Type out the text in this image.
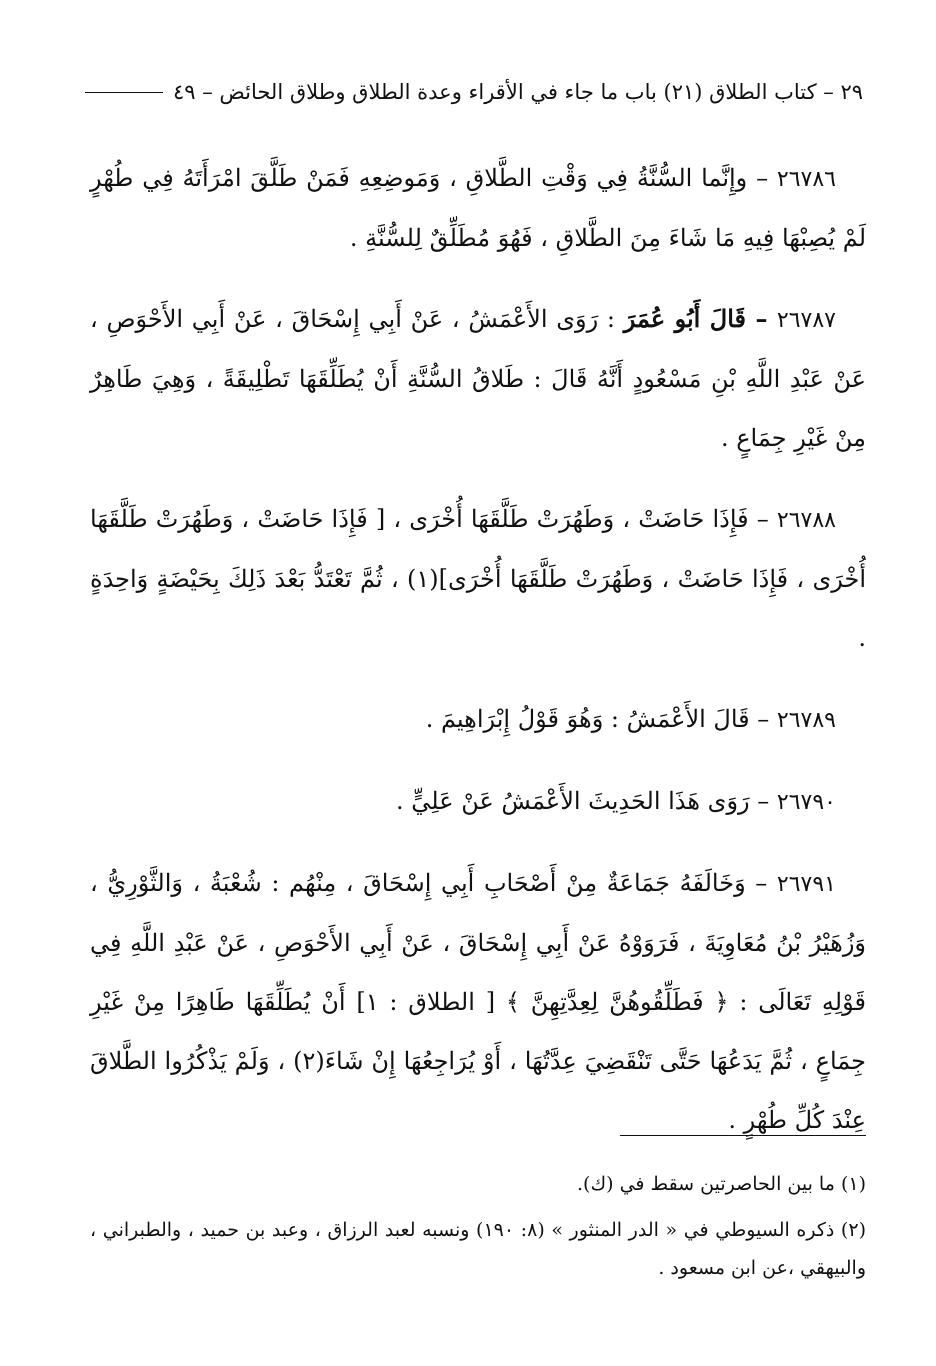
٢٩ – كتاب الطلاق (٢١) باب ما جاء في الأقراء وعدة الطلاق وطلاق الحائض – ٤٩

٢٦٧٨٦ – وإِنَّما السُّنَّةُ فِي وَقْتِ الطَّلاقِ ، وَمَوضِعِهِ فَمَنْ طَلَّقَ امْرَأَتَهُ فِي طُهْرٍ لَمْ يُصِبْهَا فِيهِ مَا شَاءَ مِنَ الطَّلاقِ ، فَهُوَ مُطَلِّقٌ لِلسُّنَّةِ .

٢٦٧٨٧ – قَالَ أَبُو عُمَرَ : رَوَى الأَعْمَشُ ، عَنْ أَبِي إِسْحَاقَ ، عَنْ أَبِي الأَحْوَصِ ، عَنْ عَبْدِ اللَّهِ بْنِ مَسْعُودٍ أَنَّهُ قَالَ : طَلاقُ السُّنَّةِ أَنْ يُطَلِّقَهَا تَطْلِيقَةً ، وَهِيَ طَاهِرٌ مِنْ غَيْرِ جِمَاعٍ .

٢٦٧٨٨ – فَإِذَا حَاضَتْ ، وَطَهُرَتْ طَلَّقَهَا أُخْرَى ، [ فَإِذَا حَاضَتْ ، وَطَهُرَتْ طَلَّقَهَا أُخْرَى ، فَإِذَا حَاضَتْ ، وَطَهُرَتْ طَلَّقَهَا أُخْرَى](١) ، ثُمَّ تَعْتَدُّ بَعْدَ ذَلِكَ بِحَيْضَةٍ وَاحِدَةٍ .

٢٦٧٨٩ – قَالَ الأَعْمَشُ : وَهُوَ قَوْلُ إِبْرَاهِيمَ .

٢٦٧٩٠ – رَوَى هَذَا الحَدِيثَ الأَعْمَشُ عَنْ عَلِيٍّ .

٢٦٧٩١ – وَخَالَفَهُ جَمَاعَةٌ مِنْ أَصْحَابِ أَبِي إِسْحَاقَ ، مِنْهُم : شُعْبَةُ ، وَالثَّوْرِيُّ ، وَزُهَيْرُ بْنُ مُعَاوِيَةَ ، فَرَوَوْهُ عَنْ أَبِي إِسْحَاقَ ، عَنْ أَبِي الأَحْوَصِ ، عَنْ عَبْدِ اللَّهِ فِي قَوْلِهِ تَعَالَى : ﴿ فَطَلِّقُوهُنَّ لِعِدَّتِهِنَّ ﴾ [ الطلاق : ١] أَنْ يُطَلِّقَهَا طَاهِرًا مِنْ غَيْرِ جِمَاعٍ ، ثُمَّ يَدَعُهَا حَتَّى تَنْقَضِيَ عِدَّتُهَا ، أَوْ يُرَاجِعُهَا إِنْ شَاءَ(٢) ، وَلَمْ يَذْكُرُوا الطَّلاقَ عِنْدَ كُلِّ طُهْرٍ .

(١) ما بين الحاصرتين سقط في (ك).

(٢) ذكره السيوطي في « الدر المنثور » (٨: ١٩٠) ونسبه لعبد الرزاق ، وعبد بن حميد ، والطبراني ، والبيهقي ،عن ابن مسعود .
